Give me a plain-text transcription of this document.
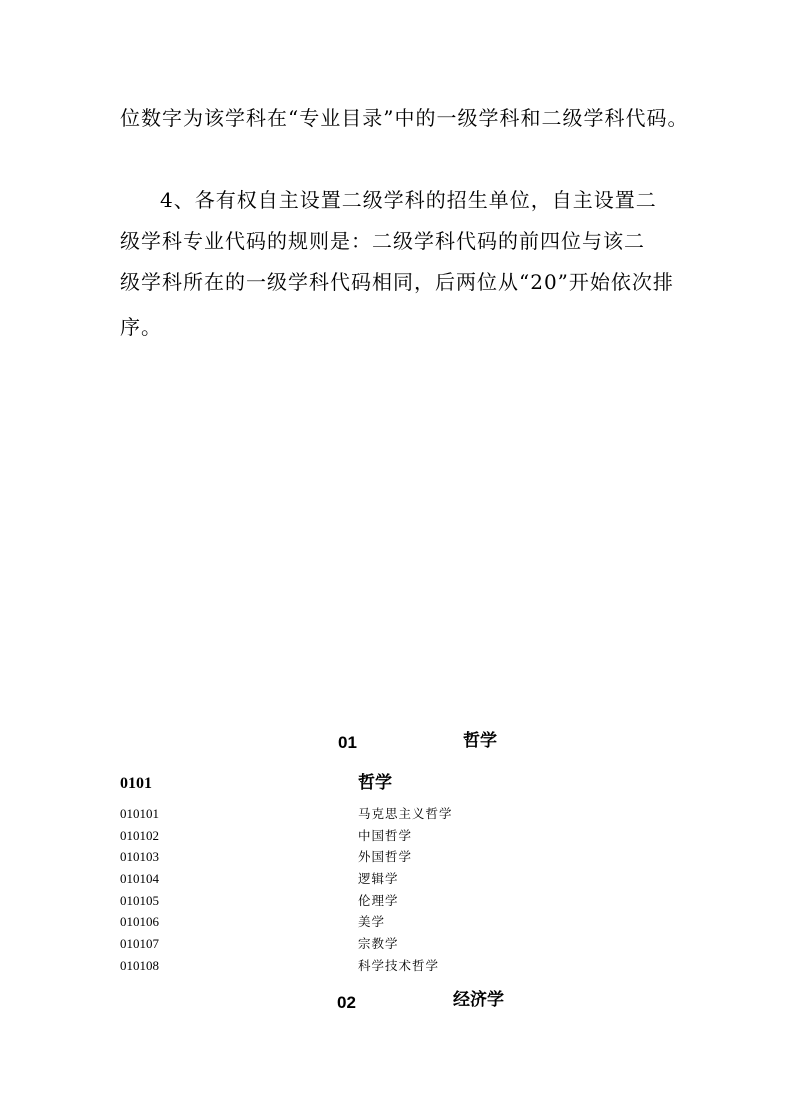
位数字为该学科在“专业目录”中的一级学科和二级学科代码。
4、各有权自主设置二级学科的招生单位，自主设置二
级学科专业代码的规则是：二级学科代码的前四位与该二
级学科所在的一级学科代码相同，后两位从“20”开始依次排
序。
01	哲学
0101	哲学
010101	马克思主义哲学
010102	中国哲学
010103	外国哲学
010104	逻辑学
010105	伦理学
010106	美学
010107	宗教学
010108	科学技术哲学
02	经济学
